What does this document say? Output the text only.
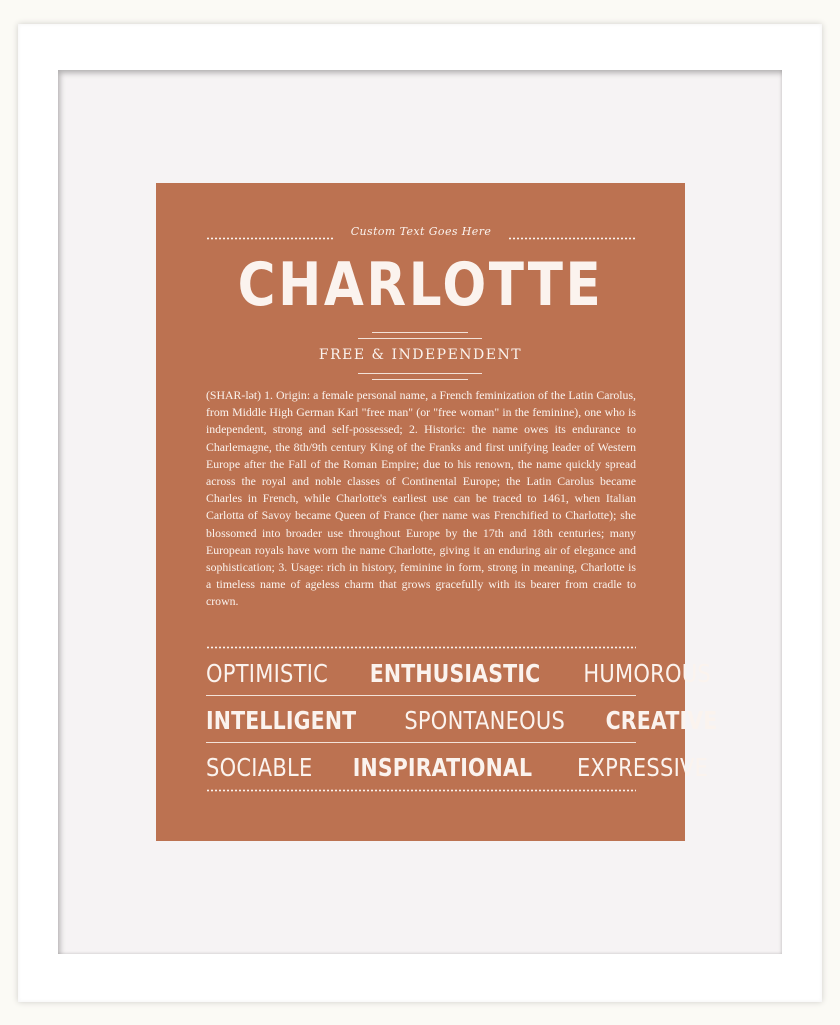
Custom Text Goes Here
CHARLOTTE
FREE & INDEPENDENT
(SHAR-lət) 1. Origin: a female personal name, a French feminization of the Latin Carolus, from Middle High German Karl "free man" (or "free woman" in the feminine), one who is independent, strong and self-possessed; 2. Historic: the name owes its endurance to Charlemagne, the 8th/9th century King of the Franks and first unifying leader of Western Europe after the Fall of the Roman Empire; due to his renown, the name quickly spread across the royal and noble classes of Continental Europe; the Latin Carolus became Charles in French, while Charlotte's earliest use can be traced to 1461, when Italian Carlotta of Savoy became Queen of France (her name was Frenchified to Charlotte); she blossomed into broader use throughout Europe by the 17th and 18th centuries; many European royals have worn the name Charlotte, giving it an enduring air of elegance and sophistication; 3. Usage: rich in history, feminine in form, strong in meaning, Charlotte is a timeless name of ageless charm that grows gracefully with its bearer from cradle to crown.
OPTIMISTIC ENTHUSIASTIC HUMOROUS
INTELLIGENT SPONTANEOUS CREATIVE
SOCIABLE INSPIRATIONAL EXPRESSIVE
